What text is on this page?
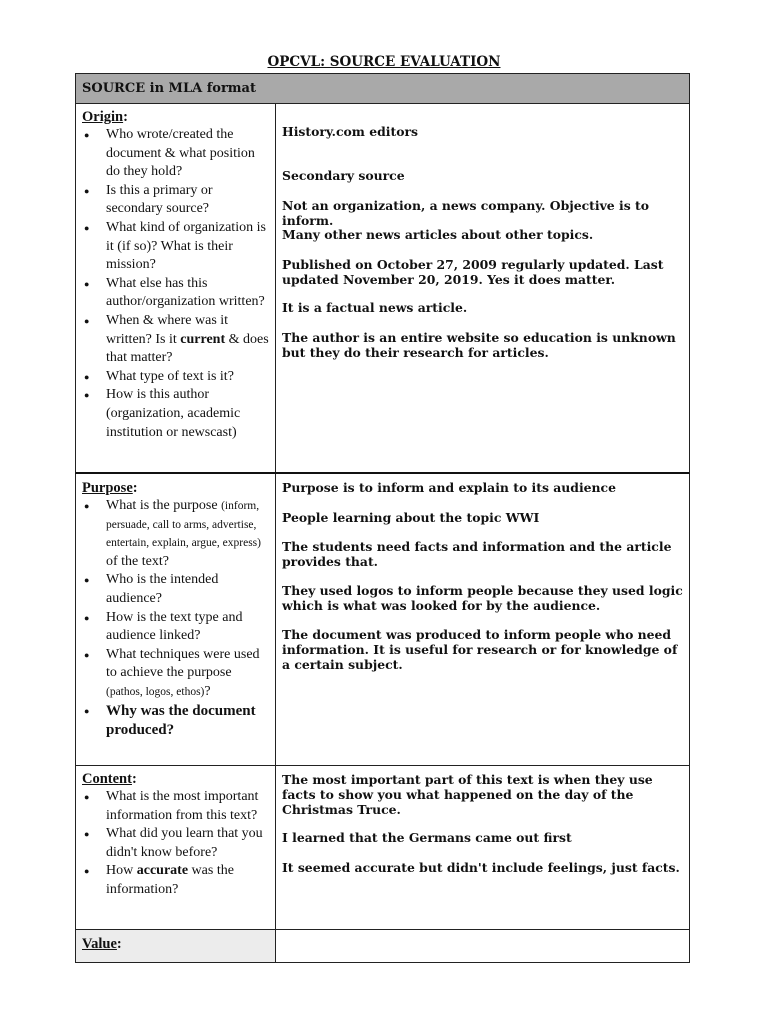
OPCVL: SOURCE EVALUATION
SOURCE in MLA format
Origin:
● Who wrote/created the document & what position do they hold?
● Is this a primary or secondary source?
● What kind of organization is it (if so)? What is their mission?
● What else has this author/organization written?
● When & where was it written? Is it current & does that matter?
● What type of text is it?
● How is this author (organization, academic institution or newscast)
History.com editors
Secondary source
Not an organization, a news company. Objective is to inform.
Many other news articles about other topics.
Published on October 27, 2009 regularly updated. Last updated November 20, 2019. Yes it does matter.
It is a factual news article.
The author is an entire website so education is unknown but they do their research for articles.
Purpose:
● What is the purpose (inform, persuade, call to arms, advertise, entertain, explain, argue, express) of the text?
● Who is the intended audience?
● How is the text type and audience linked?
● What techniques were used to achieve the purpose (pathos, logos, ethos)?
● Why was the document produced?
Purpose is to inform and explain to its audience
People learning about the topic WWI
The students need facts and information and the article provides that.
They used logos to inform people because they used logic which is what was looked for by the audience.
The document was produced to inform people who need information. It is useful for research or for knowledge of a certain subject.
Content:
● What is the most important information from this text?
● What did you learn that you didn't know before?
● How accurate was the information?
The most important part of this text is when they use facts to show you what happened on the day of the Christmas Truce.
I learned that the Germans came out first
It seemed accurate but didn't include feelings, just facts.
Value:
